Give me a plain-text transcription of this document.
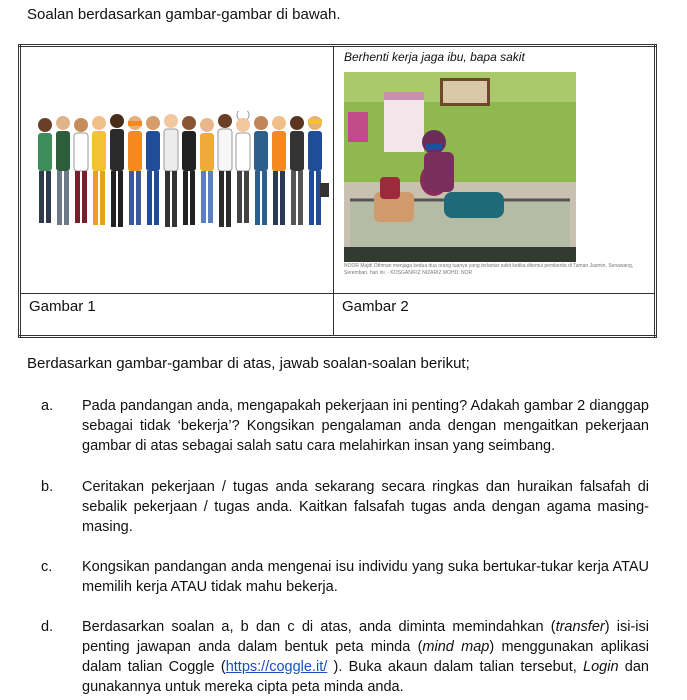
Soalan berdasarkan gambar-gambar di bawah.

Berhenti kerja jaga ibu, bapa sakit
NOOR Majdi Othman menjaga kedua dua orang tuanya yang terlantar sakit ketika ditemui pemberita di Taman Jasmin, Senawang, Seremban, hari ini. - KOSGAN/FIZ NIZARIZ MOHD. NOR

Gambar 1	Gambar 2
Berdasarkan gambar-gambar di atas, jawab soalan-soalan berikut;
a. Pada pandangan anda, mengapakah pekerjaan ini penting? Adakah gambar 2 dianggap sebagai tidak ‘bekerja’? Kongsikan pengalaman anda dengan mengaitkan pekerjaan gambar di atas sebagai salah satu cara melahirkan insan yang seimbang.
b. Ceritakan pekerjaan / tugas anda sekarang secara ringkas dan huraikan falsafah di sebalik pekerjaan / tugas anda. Kaitkan falsafah tugas anda dengan agama masing-masing.
c. Kongsikan pandangan anda mengenai isu individu yang suka bertukar-tukar kerja ATAU memilih kerja ATAU tidak mahu bekerja.
d. Berdasarkan soalan a, b dan c di atas, anda diminta memindahkan (transfer) isi-isi penting jawapan anda dalam bentuk peta minda (mind map) menggunakan aplikasi dalam talian Coggle (https://coggle.it/ ). Buka akaun dalam talian tersebut, Login dan gunakannya untuk mereka cipta peta minda anda.
